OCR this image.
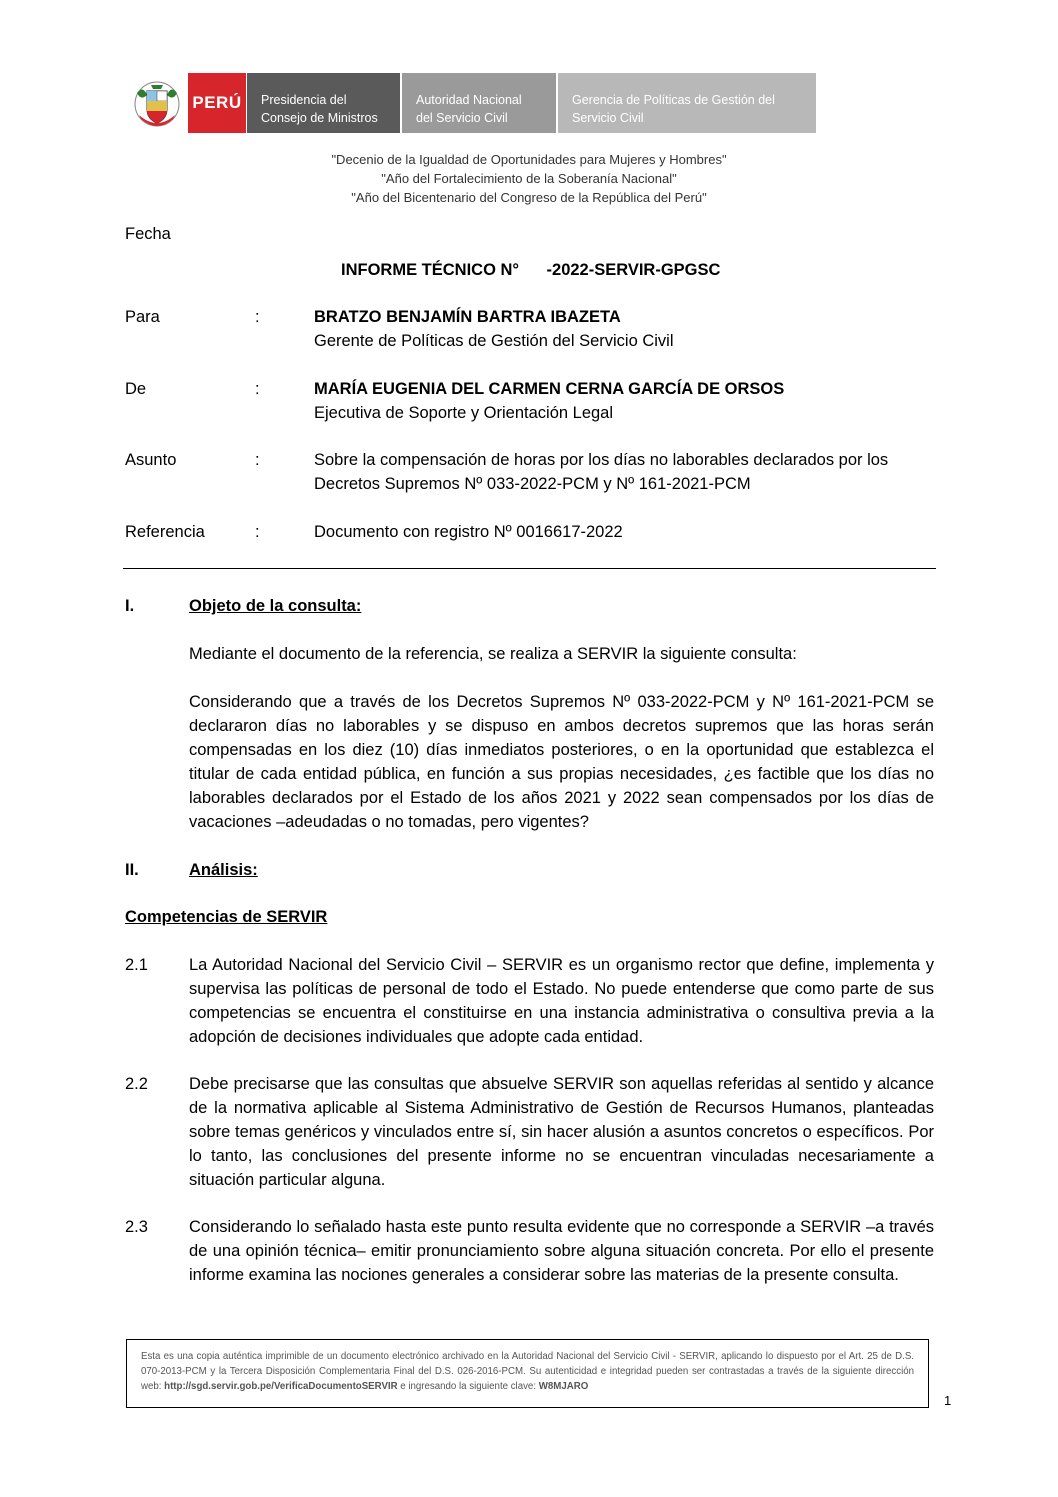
PERÚ Presidencia del
Consejo de Ministros
Autoridad Nacional
del Servicio Civil
Gerencia de Políticas de Gestión del
Servicio Civil
"Decenio de la Igualdad de Oportunidades para Mujeres y Hombres"
"Año del Fortalecimiento de la Soberanía Nacional"
"Año del Bicentenario del Congreso de la República del Perú"
Fecha
INFORME TÉCNICO N°      -2022-SERVIR-GPGSC
Para	:	BRATZO BENJAMÍN BARTRA IBAZETA
Gerente de Políticas de Gestión del Servicio Civil
De	:	MARÍA EUGENIA DEL CARMEN CERNA GARCÍA DE ORSOS
Ejecutiva de Soporte y Orientación Legal
Asunto	:	Sobre la compensación de horas por los días no laborables declarados por los
Decretos Supremos Nº 033-2022-PCM y Nº 161-2021-PCM
Referencia	:	Documento con registro Nº 0016617-2022
I.	Objeto de la consulta:
Mediante el documento de la referencia, se realiza a SERVIR la siguiente consulta:
Considerando que a través de los Decretos Supremos Nº 033-2022-PCM y Nº 161-2021-PCM se declararon días no laborables y se dispuso en ambos decretos supremos que las horas serán compensadas en los diez (10) días inmediatos posteriores, o en la oportunidad que establezca el titular de cada entidad pública, en función a sus propias necesidades, ¿es factible que los días no laborables declarados por el Estado de los años 2021 y 2022 sean compensados por los días de vacaciones –adeudadas o no tomadas, pero vigentes?
II.	Análisis:
Competencias de SERVIR
2.1 La Autoridad Nacional del Servicio Civil – SERVIR es un organismo rector que define, implementa y supervisa las políticas de personal de todo el Estado. No puede entenderse que como parte de sus competencias se encuentra el constituirse en una instancia administrativa o consultiva previa a la adopción de decisiones individuales que adopte cada entidad.
2.2 Debe precisarse que las consultas que absuelve SERVIR son aquellas referidas al sentido y alcance de la normativa aplicable al Sistema Administrativo de Gestión de Recursos Humanos, planteadas sobre temas genéricos y vinculados entre sí, sin hacer alusión a asuntos concretos o específicos. Por lo tanto, las conclusiones del presente informe no se encuentran vinculadas necesariamente a situación particular alguna.
2.3 Considerando lo señalado hasta este punto resulta evidente que no corresponde a SERVIR –a través de una opinión técnica– emitir pronunciamiento sobre alguna situación concreta. Por ello el presente informe examina las nociones generales a considerar sobre las materias de la presente consulta.
Esta es una copia auténtica imprimible de un documento electrónico archivado en la Autoridad Nacional del Servicio Civil - SERVIR, aplicando lo dispuesto por el Art. 25 de D.S. 070-2013-PCM y la Tercera Disposición Complementaria Final del D.S. 026-2016-PCM. Su autenticidad e integridad pueden ser contrastadas a través de la siguiente dirección web: http://sgd.servir.gob.pe/VerificaDocumentoSERVIR e ingresando la siguiente clave: W8MJARO
1
